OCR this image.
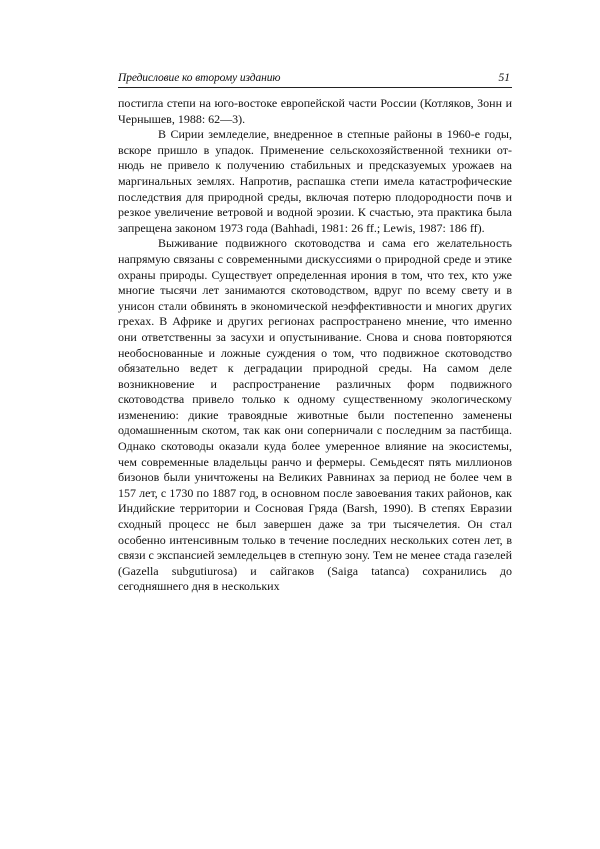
Предисловие ко второму изданию	51

постигла степи на юго-востоке европейской части России (Котляков, Зонн и Чернышев, 1988: 62—3).

В Сирии земледелие, внедренное в степные районы в 1960-е годы, вскоре пришло в упадок. Применение сельскохозяйственной техники отнюдь не привело к получению стабильных и предсказуемых урожаев на маргинальных землях. Напротив, распашка степи имела катастрофические последствия для природной среды, включая потерю плодородности почв и резкое увеличение ветровой и водной эрозии. К счастью, эта практика была запрещена законом 1973 года (Bahhadi, 1981: 26 ff.; Lewis, 1987: 186 ff).

Выживание подвижного скотоводства и сама его желательность напрямую связаны с современными дискуссиями о природной среде и этике охраны природы. Существует определенная ирония в том, что тех, кто уже многие тысячи лет занимаются скотоводством, вдруг по всему свету и в унисон стали обвинять в экономической неэффективности и многих других грехах. В Африке и других регионах распространено мнение, что именно они ответственны за засухи и опустынивание. Снова и снова повторяются необоснованные и ложные суждения о том, что подвижное скотоводство обязательно ведет к деградации природной среды. На самом деле возникновение и распространение различных форм подвижного скотоводства привело только к одному существенному экологическому изменению: дикие травоядные животные были постепенно заменены одомашненным скотом, так как они соперничали с последним за пастбища. Однако скотоводы оказали куда более умеренное влияние на экосистемы, чем современные владельцы ранчо и фермеры. Семьдесят пять миллионов бизонов были уничтожены на Великих Равнинах за период не более чем в 157 лет, с 1730 по 1887 год, в основном после завоевания таких районов, как Индийские территории и Сосновая Гряда (Barsh, 1990). В степях Евразии сходный процесс не был завершен даже за три тысячелетия. Он стал особенно интенсивным только в течение последних нескольких сотен лет, в связи с экспансией земледельцев в степную зону. Тем не менее стада газелей (Gazella subgutiurosa) и сайгаков (Saiga tatanca) сохранились до сегодняшнего дня в нескольких
